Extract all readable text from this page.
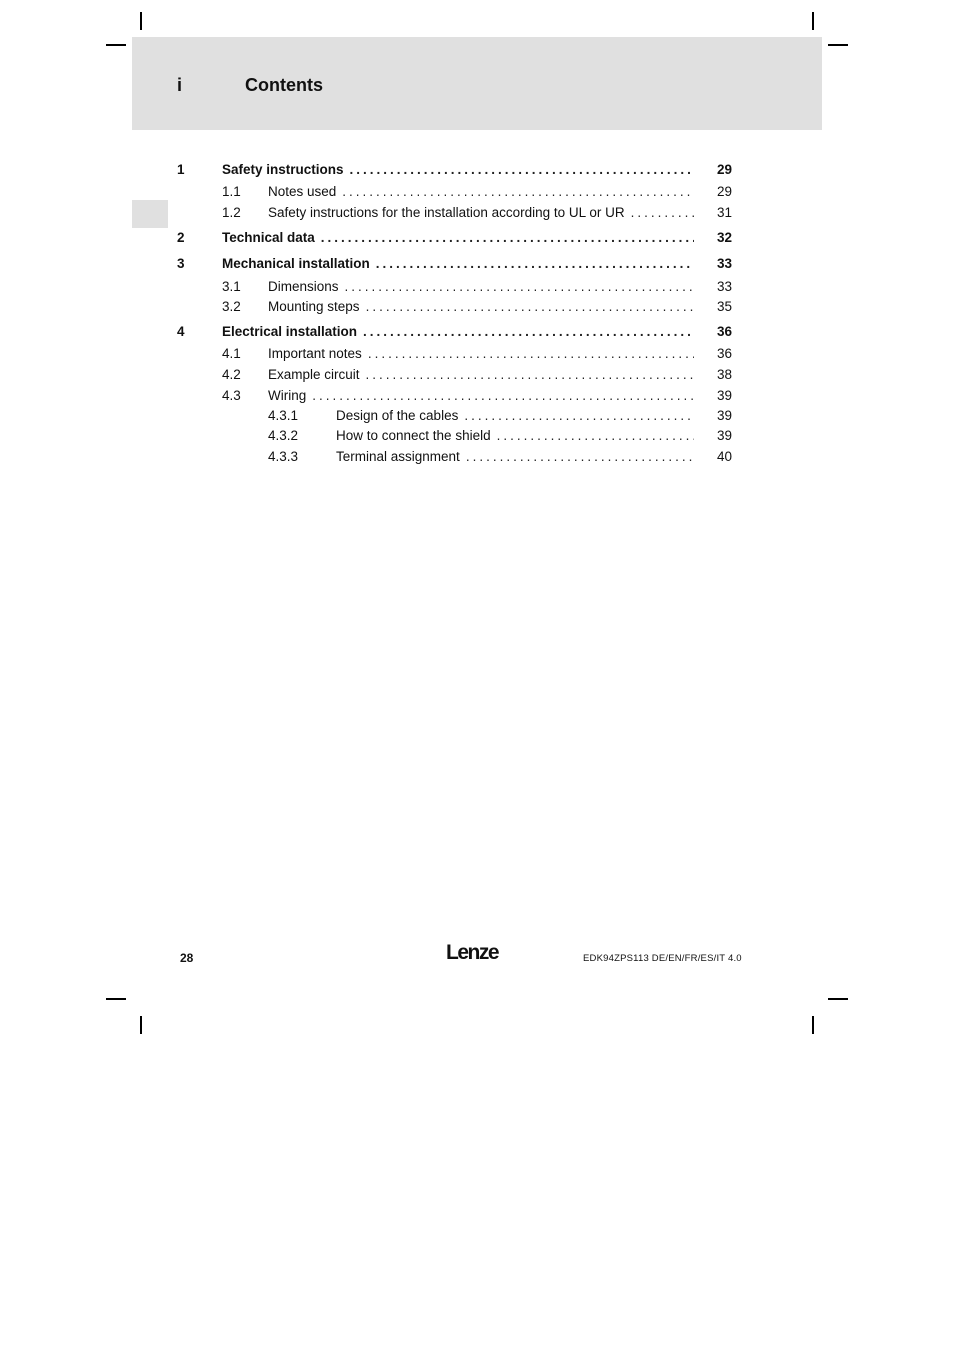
i	Contents
1	Safety instructions .....	29
1.1 Notes used .....	29
1.2 Safety instructions for the installation according to UL or UR .....	31
2	Technical data .....	32
3	Mechanical installation .....	33
3.1 Dimensions .....	33
3.2 Mounting steps .....	35
4	Electrical installation .....	36
4.1 Important notes .....	36
4.2 Example circuit .....	38
4.3 Wiring .....	39
4.3.1	Design of the cables .....	39
4.3.2	How to connect the shield .....	39
4.3.3	Terminal assignment .....	40
28	Lenze	EDK94ZPS113 DE/EN/FR/ES/IT 4.0
